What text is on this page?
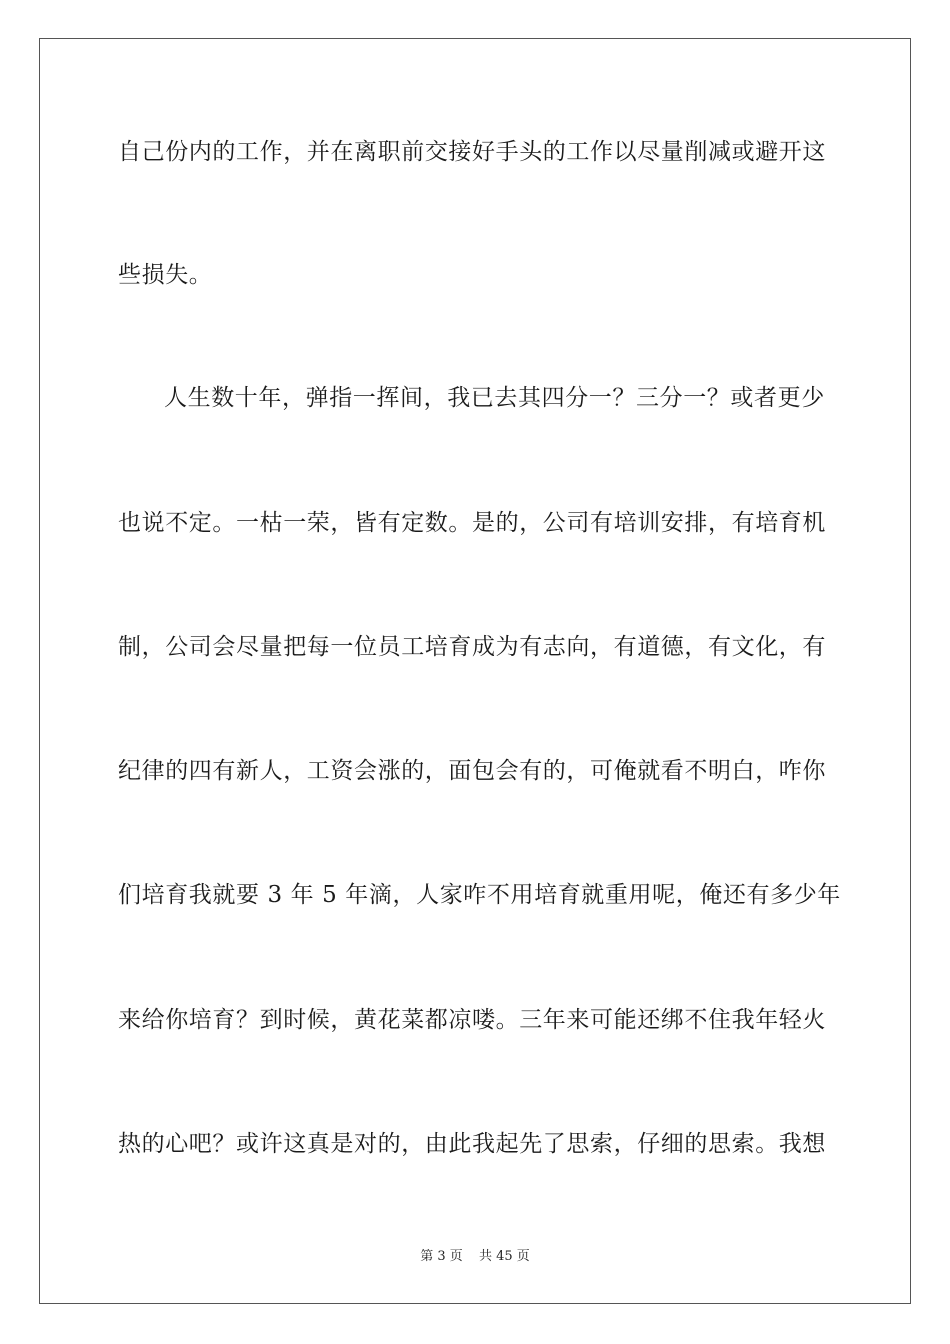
自己份内的工作，并在离职前交接好手头的工作以尽量削减或避开这
些损失。
人生数十年，弹指一挥间，我已去其四分一？三分一？或者更少
也说不定。一枯一荣，皆有定数。是的，公司有培训安排，有培育机
制，公司会尽量把每一位员工培育成为有志向，有道德，有文化，有
纪律的四有新人，工资会涨的，面包会有的，可俺就看不明白，咋你
们培育我就要 3 年 5 年滴，人家咋不用培育就重用呢，俺还有多少年
来给你培育？到时候，黄花菜都凉喽。三年来可能还绑不住我年轻火
热的心吧？或许这真是对的，由此我起先了思索，仔细的思索。我想
第 3 页 共 45 页
